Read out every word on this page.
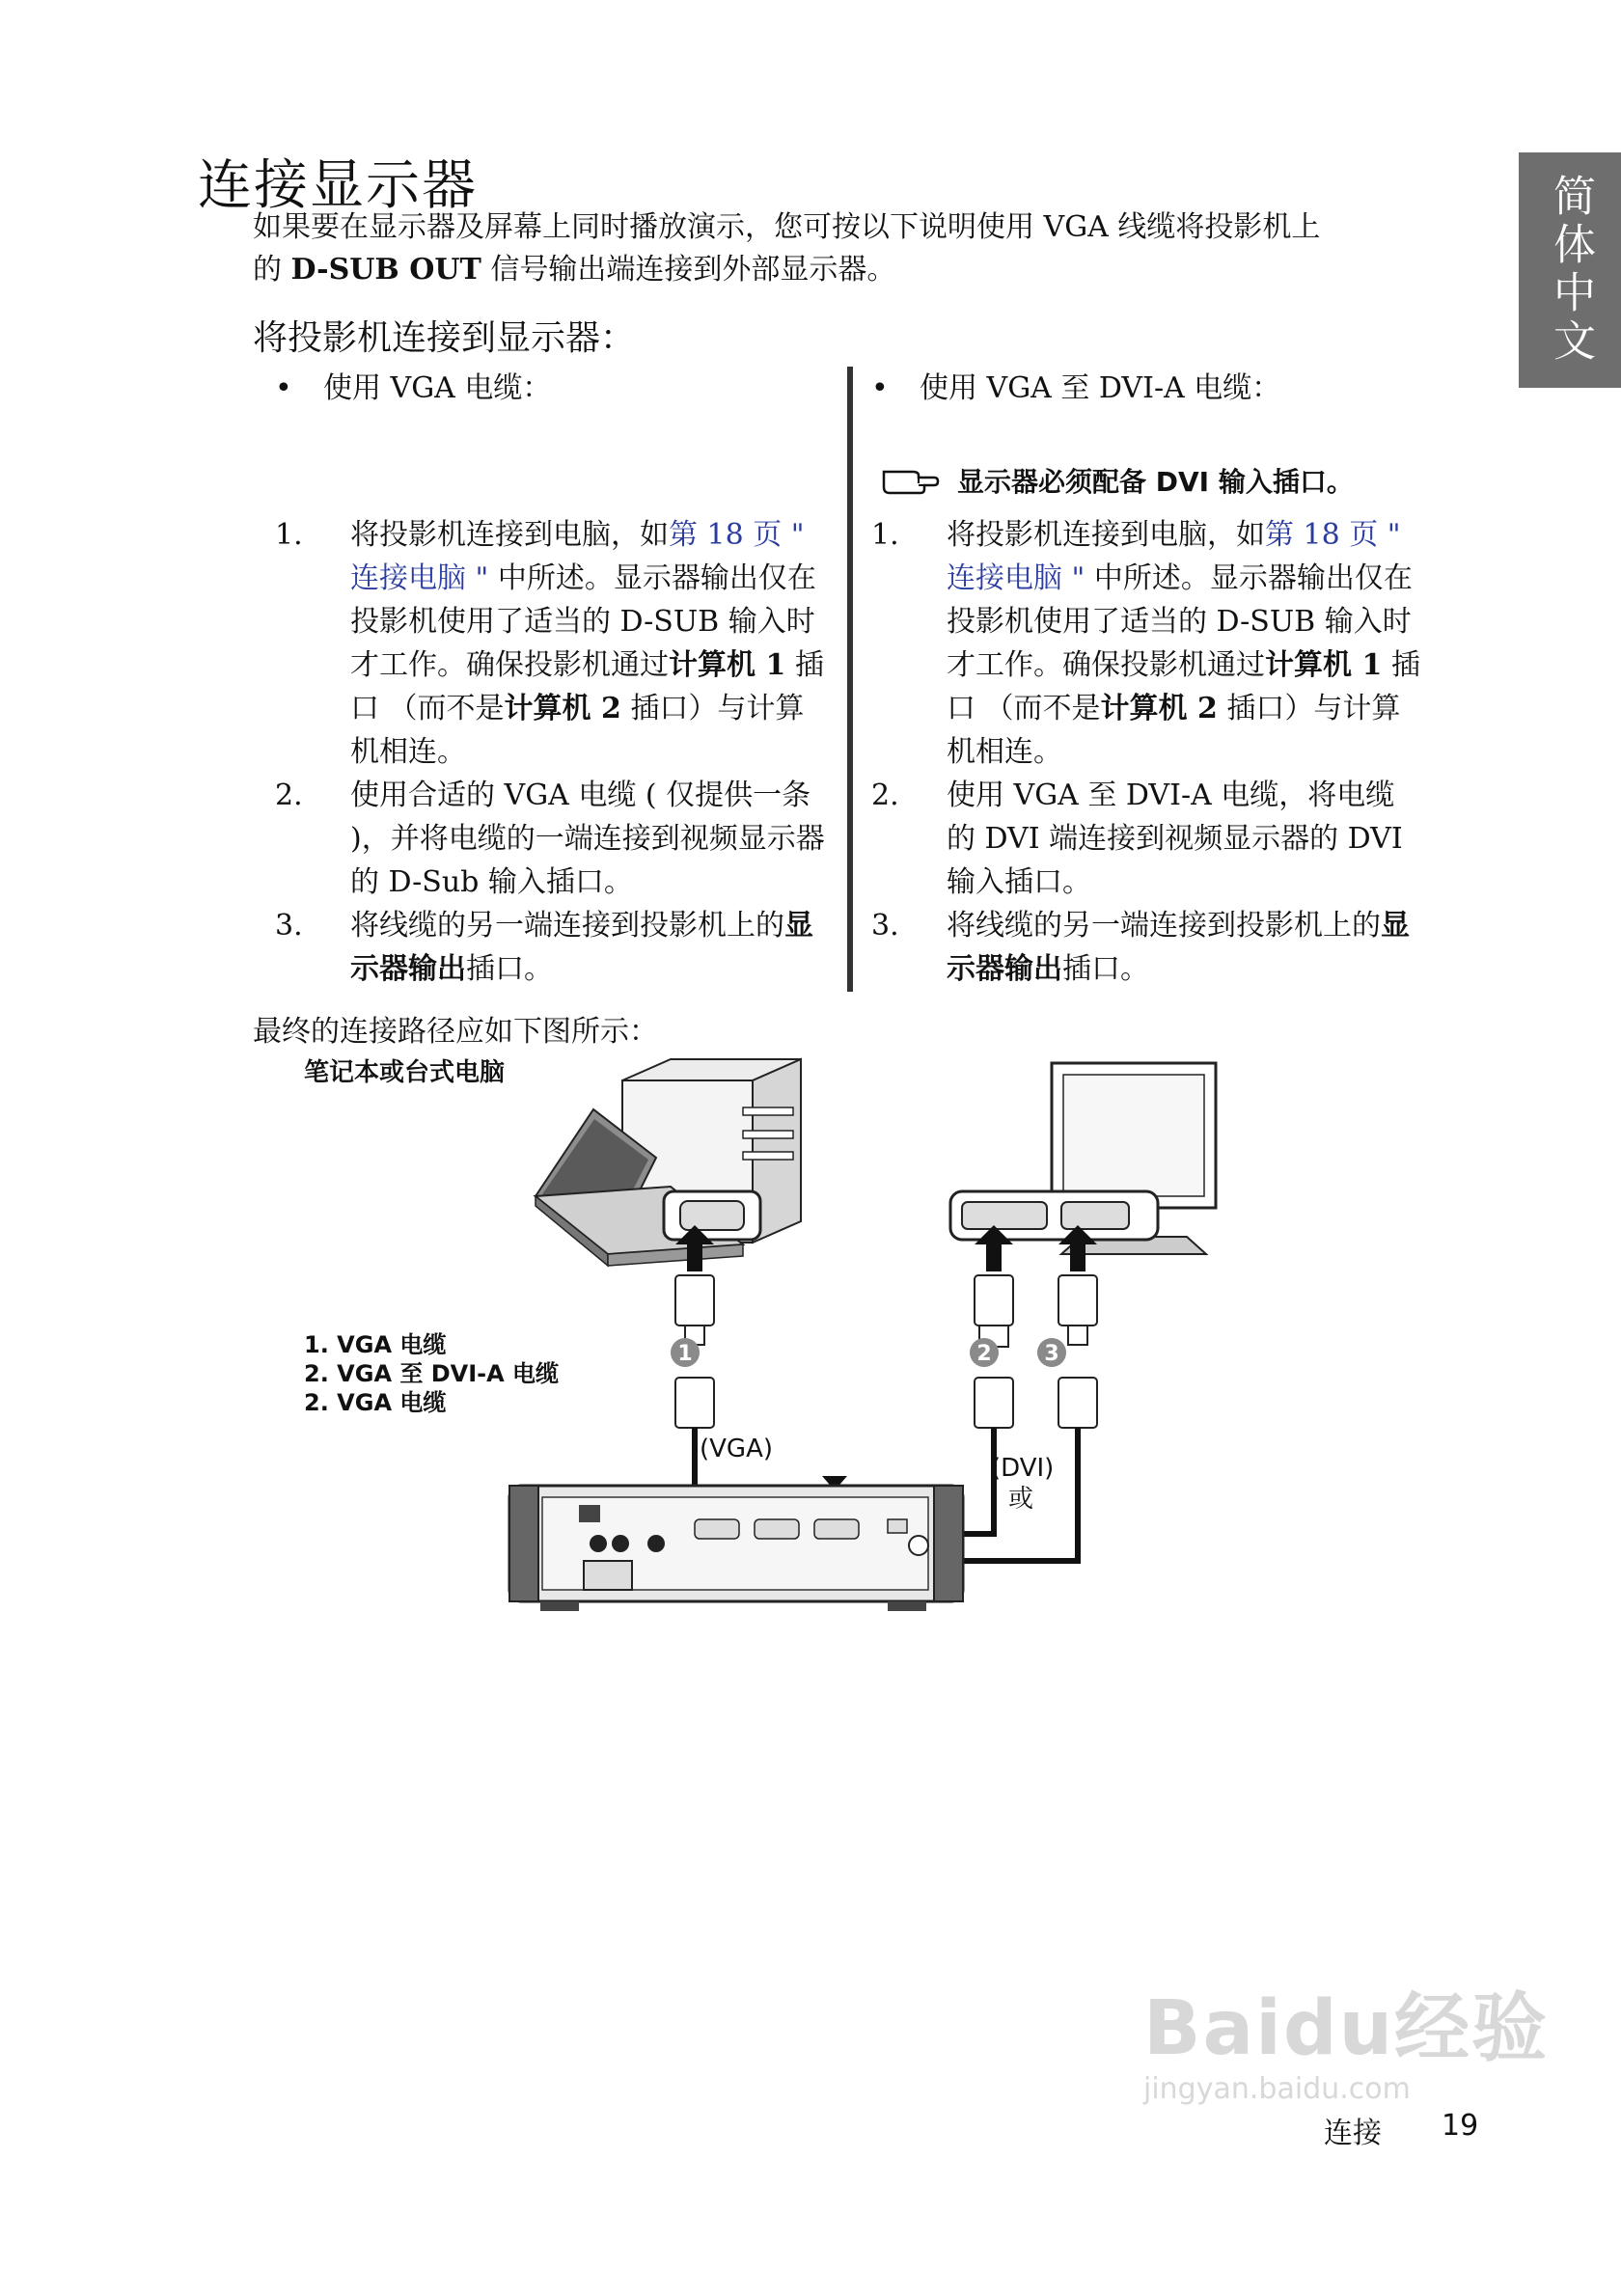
连接显示器	简体中文
如果要在显示器及屏幕上同时播放演示，您可按以下说明使用 VGA 线缆将投影机上
的 D-SUB OUT 信号输出端连接到外部显示器。
将投影机连接到显示器：
•	使用 VGA 电缆：
1.	将投影机连接到电脑，如第 18 页 " 连接电脑 " 中所述。显示器输出仅在投影机使用了适当的 D-SUB 输入时才工作。确保投影机通过计算机 1 插口 （而不是计算机 2 插口）与计算机相连。
2.	使用合适的 VGA 电缆 ( 仅提供一条 )，并将电缆的一端连接到视频显示器的 D-Sub 输入插口。
3.	将线缆的另一端连接到投影机上的显示器输出插口。
•	使用 VGA 至 DVI-A 电缆：
显示器必须配备 DVI 输入插口。
1.	将投影机连接到电脑，如第 18 页 " 连接电脑 " 中所述。显示器输出仅在投影机使用了适当的 D-SUB 输入时才工作。确保投影机通过计算机 1 插口 （而不是计算机 2 插口）与计算机相连。
2.	使用 VGA 至 DVI-A 电缆，将电缆的 DVI 端连接到视频显示器的 DVI 输入插口。
3.	将线缆的另一端连接到投影机上的显示器输出插口。
最终的连接路径应如下图所示：
笔记本或台式电脑
1	2 3
1. VGA 电缆
2. VGA 至 DVI-A 电缆
2. VGA 电缆
(VGA)
(DVI)
或
连接 19
Baidu经验
jingyan.baidu.com
